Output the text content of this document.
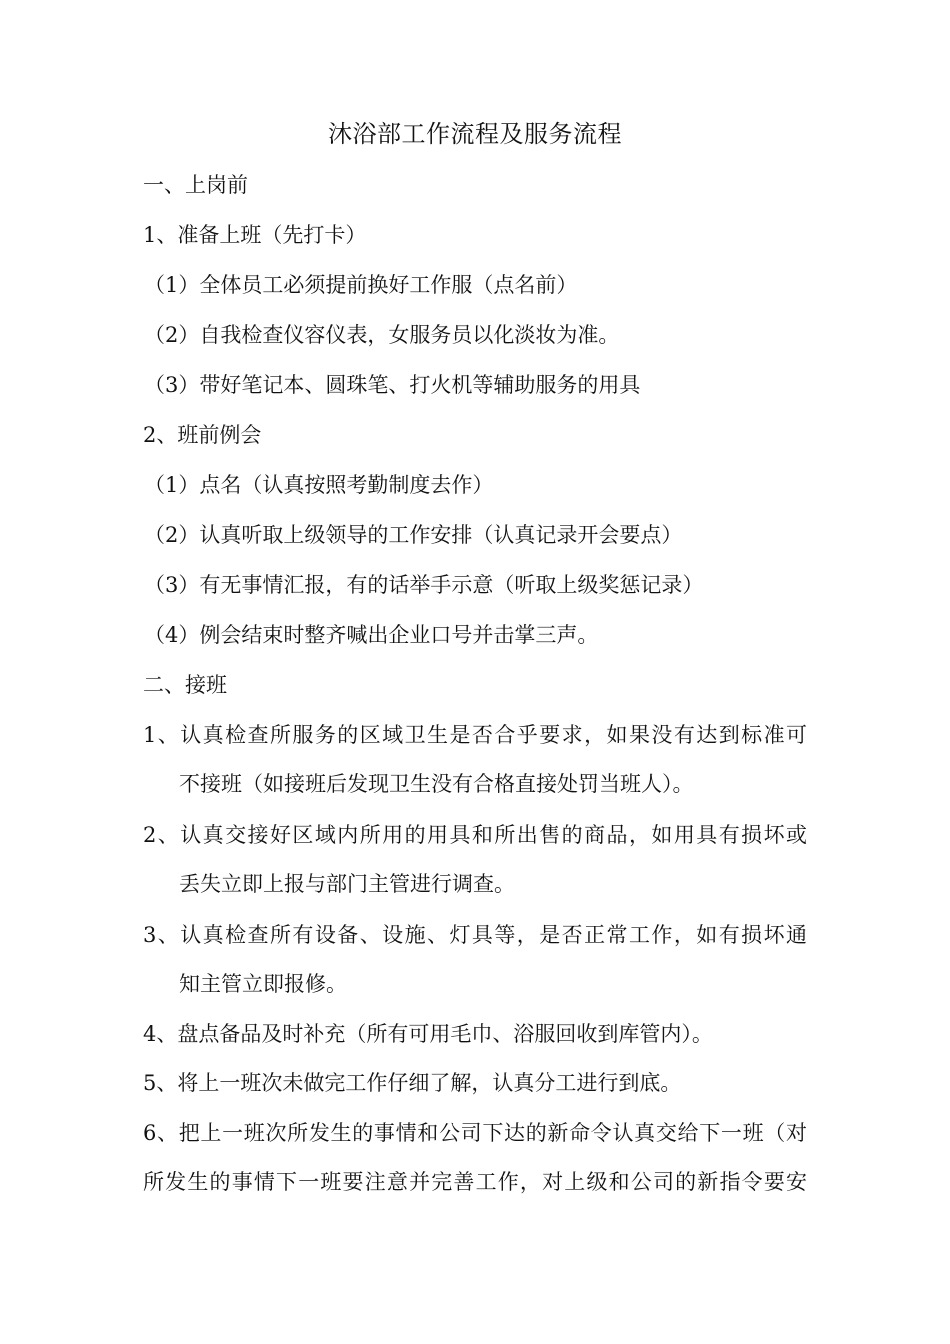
沐浴部工作流程及服务流程
一、上岗前
1、准备上班（先打卡）
（1）全体员工必须提前换好工作服（点名前）
（2）自我检查仪容仪表，女服务员以化淡妆为准。
（3）带好笔记本、圆珠笔、打火机等辅助服务的用具
2、班前例会
（1）点名（认真按照考勤制度去作）
（2）认真听取上级领导的工作安排（认真记录开会要点）
（3）有无事情汇报，有的话举手示意（听取上级奖惩记录）
（4）例会结束时整齐喊出企业口号并击掌三声。
二、接班
1、认真检查所服务的区域卫生是否合乎要求，如果没有达到标准可
不接班（如接班后发现卫生没有合格直接处罚当班人）。
2、认真交接好区域内所用的用具和所出售的商品，如用具有损坏或
丢失立即上报与部门主管进行调查。
3、认真检查所有设备、设施、灯具等，是否正常工作，如有损坏通
知主管立即报修。
4、盘点备品及时补充（所有可用毛巾、浴服回收到库管内）。
5、将上一班次未做完工作仔细了解，认真分工进行到底。
6、把上一班次所发生的事情和公司下达的新命令认真交给下一班（对
所发生的事情下一班要注意并完善工作，对上级和公司的新指令要安
